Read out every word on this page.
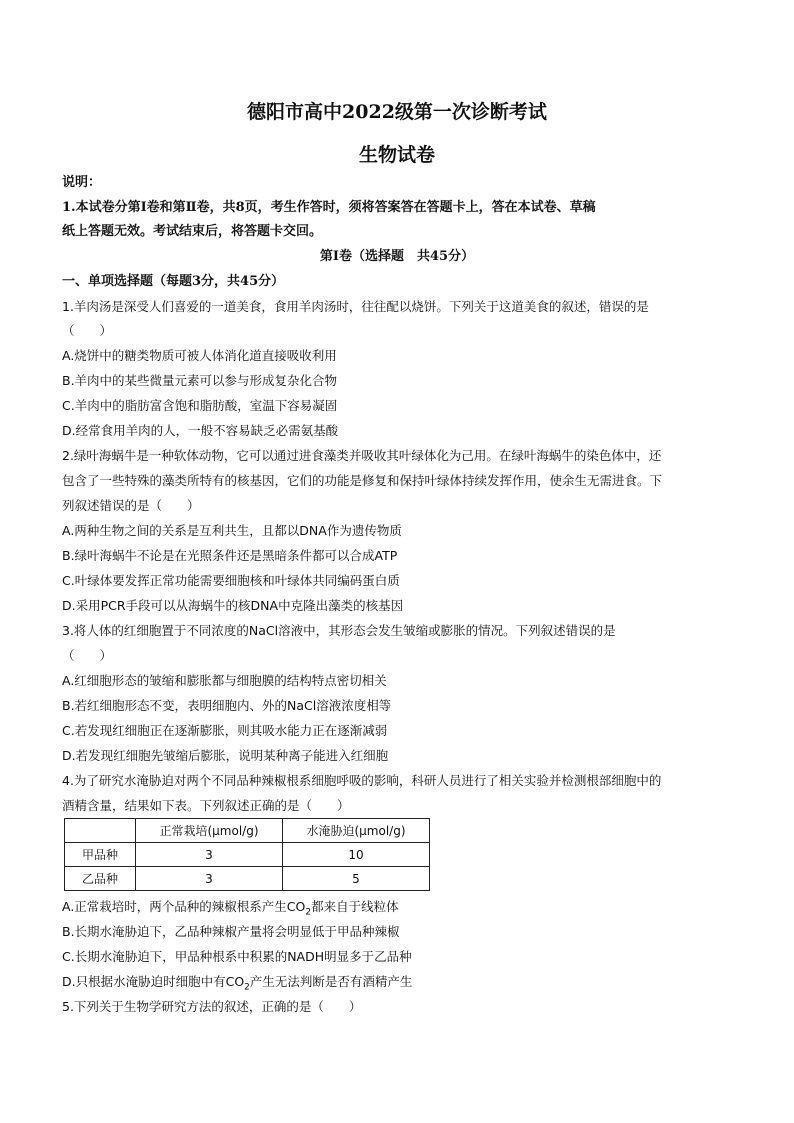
德阳市高中2022级第一次诊断考试
生物试卷
说明：
1.本试卷分第Ⅰ卷和第Ⅱ卷，共8页，考生作答时，须将答案答在答题卡上，答在本试卷、草稿
纸上答题无效。考试结束后，将答题卡交回。
第Ⅰ卷（选择题　共45分）
一、单项选择题（每题3分，共45分）
1.羊肉汤是深受人们喜爱的一道美食，食用羊肉汤时，往往配以烧饼。下列关于这道美食的叙述，错误的是
（　　）
A.烧饼中的糖类物质可被人体消化道直接吸收利用
B.羊肉中的某些微量元素可以参与形成复杂化合物
C.羊肉中的脂肪富含饱和脂肪酸，室温下容易凝固
D.经常食用羊肉的人，一般不容易缺乏必需氨基酸
2.绿叶海蜗牛是一种软体动物，它可以通过进食藻类并吸收其叶绿体化为己用。在绿叶海蜗牛的染色体中，还
包含了一些特殊的藻类所特有的核基因，它们的功能是修复和保持叶绿体持续发挥作用，使余生无需进食。下
列叙述错误的是（　　）
A.两种生物之间的关系是互利共生，且都以DNA作为遗传物质
B.绿叶海蜗牛不论是在光照条件还是黑暗条件都可以合成ATP
C.叶绿体要发挥正常功能需要细胞核和叶绿体共同编码蛋白质
D.采用PCR手段可以从海蜗牛的核DNA中克隆出藻类的核基因
3.将人体的红细胞置于不同浓度的NaCl溶液中，其形态会发生皱缩或膨胀的情况。下列叙述错误的是
（　　）
A.红细胞形态的皱缩和膨胀都与细胞膜的结构特点密切相关
B.若红细胞形态不变，表明细胞内、外的NaCl溶液浓度相等
C.若发现红细胞正在逐渐膨胀，则其吸水能力正在逐渐减弱
D.若发现红细胞先皱缩后膨胀，说明某种离子能进入红细胞
4.为了研究水淹胁迫对两个不同品种辣椒根系细胞呼吸的影响，科研人员进行了相关实验并检测根部细胞中的
酒精含量，结果如下表。下列叙述正确的是（　　）
	正常栽培(μmol/g)	水淹胁迫(μmol/g)
甲品种	3	10
乙品种	3	5
A.正常栽培时，两个品种的辣椒根系产生$CO_2$都来自于线粒体
B.长期水淹胁迫下，乙品种辣椒产量将会明显低于甲品种辣椒
C.长期水淹胁迫下，甲品种根系中积累的NADH明显多于乙品种
D.只根据水淹胁迫时细胞中有$CO_2$产生无法判断是否有酒精产生
5.下列关于生物学研究方法的叙述，正确的是（　　）
